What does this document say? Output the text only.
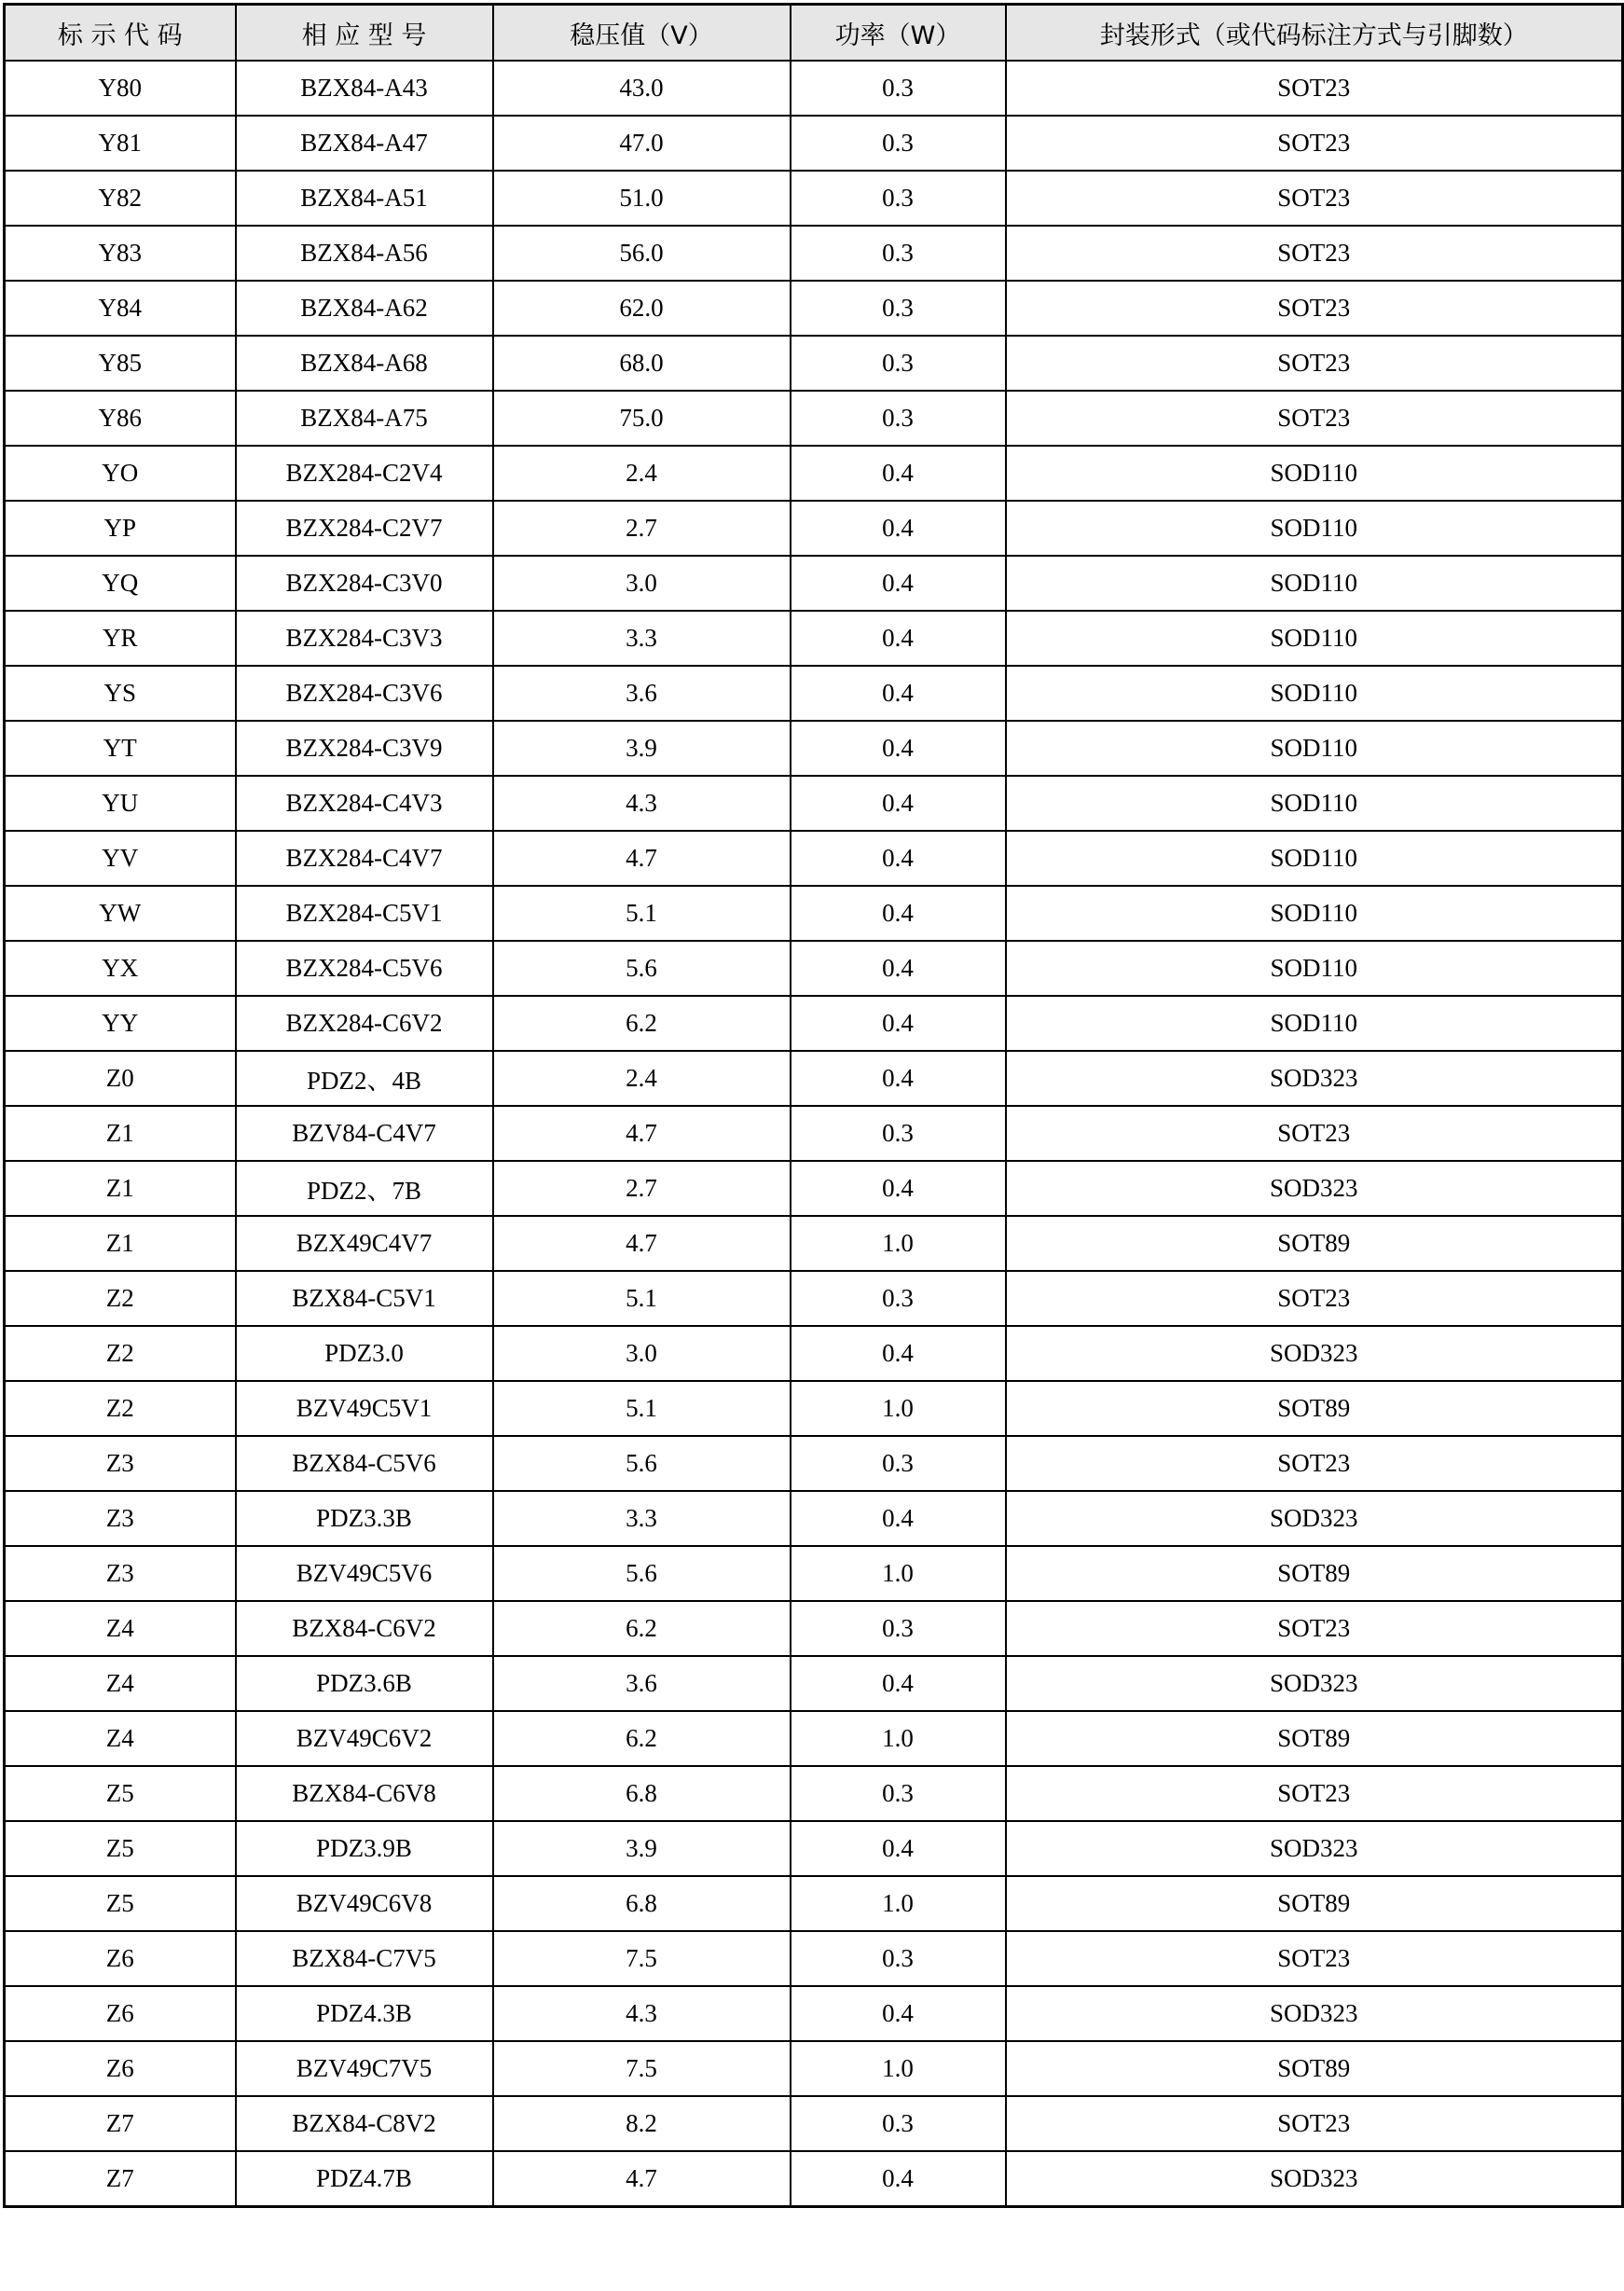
标 示 代 码	相 应 型 号	稳压值（V）	功率（W）	封装形式（或代码标注方式与引脚数）
Y80	BZX84-A43	43.0	0.3	SOT23
Y81	BZX84-A47	47.0	0.3	SOT23
Y82	BZX84-A51	51.0	0.3	SOT23
Y83	BZX84-A56	56.0	0.3	SOT23
Y84	BZX84-A62	62.0	0.3	SOT23
Y85	BZX84-A68	68.0	0.3	SOT23
Y86	BZX84-A75	75.0	0.3	SOT23
YO	BZX284-C2V4	2.4	0.4	SOD110
YP	BZX284-C2V7	2.7	0.4	SOD110
YQ	BZX284-C3V0	3.0	0.4	SOD110
YR	BZX284-C3V3	3.3	0.4	SOD110
YS	BZX284-C3V6	3.6	0.4	SOD110
YT	BZX284-C3V9	3.9	0.4	SOD110
YU	BZX284-C4V3	4.3	0.4	SOD110
YV	BZX284-C4V7	4.7	0.4	SOD110
YW	BZX284-C5V1	5.1	0.4	SOD110
YX	BZX284-C5V6	5.6	0.4	SOD110
YY	BZX284-C6V2	6.2	0.4	SOD110
Z0	PDZ2、4B	2.4	0.4	SOD323
Z1	BZV84-C4V7	4.7	0.3	SOT23
Z1	PDZ2、7B	2.7	0.4	SOD323
Z1	BZX49C4V7	4.7	1.0	SOT89
Z2	BZX84-C5V1	5.1	0.3	SOT23
Z2	PDZ3.0	3.0	0.4	SOD323
Z2	BZV49C5V1	5.1	1.0	SOT89
Z3	BZX84-C5V6	5.6	0.3	SOT23
Z3	PDZ3.3B	3.3	0.4	SOD323
Z3	BZV49C5V6	5.6	1.0	SOT89
Z4	BZX84-C6V2	6.2	0.3	SOT23
Z4	PDZ3.6B	3.6	0.4	SOD323
Z4	BZV49C6V2	6.2	1.0	SOT89
Z5	BZX84-C6V8	6.8	0.3	SOT23
Z5	PDZ3.9B	3.9	0.4	SOD323
Z5	BZV49C6V8	6.8	1.0	SOT89
Z6	BZX84-C7V5	7.5	0.3	SOT23
Z6	PDZ4.3B	4.3	0.4	SOD323
Z6	BZV49C7V5	7.5	1.0	SOT89
Z7	BZX84-C8V2	8.2	0.3	SOT23
Z7	PDZ4.7B	4.7	0.4	SOD323
